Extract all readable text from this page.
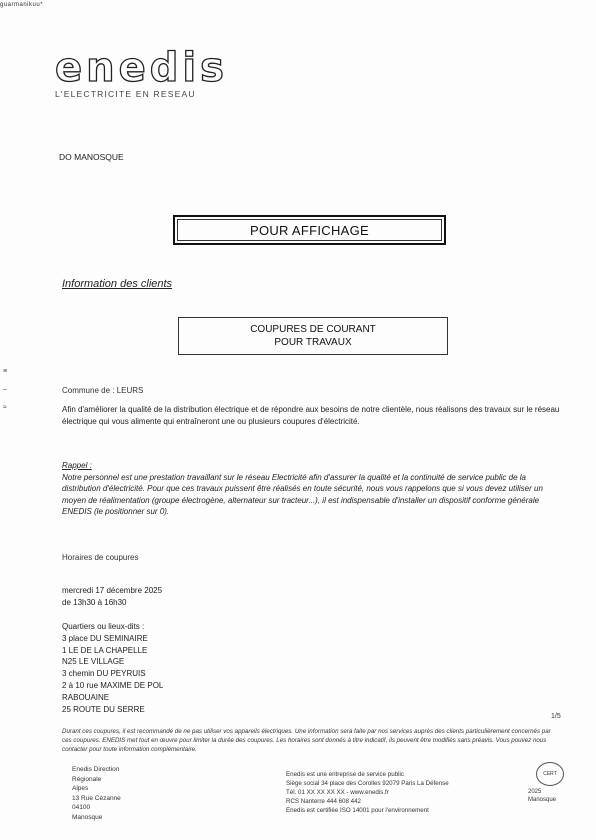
guarmanikuu*
enedis
L'ELECTRICITE EN RESEAU
DO MANOSQUE
POUR AFFICHAGE
Information des clients
COUPURES DE COURANT
POUR TRAVAUX
≡
–
≈
Commune de : LEURS
Afin d'améliorer la qualité de la distribution électrique et de répondre aux besoins de notre clientèle, nous réalisons des travaux sur le réseau électrique qui vous alimente qui entraîneront une ou plusieurs coupures d'électricité.
Rappel :
Notre personnel est une prestation travaillant sur le réseau Electricité afin d'assurer la qualité et la continuité de service public de la distribution d'électricité. Pour que ces travaux puissent être réalisés en toute sécurité, nous vous rappelons que si vous devez utiliser un moyen de réalimentation (groupe électrogène, alternateur sur tracteur...), il est indispensable d'installer un dispositif conforme générale ENEDIS (le positionner sur 0).
Horaires de coupures
mercredi 17 décembre 2025
de 13h30 à 16h30
Quartiers ou lieux-dits :
3 place DU SEMINAIRE
1 LE DE LA CHAPELLE
N25 LE VILLAGE
3 chemin DU PEYRUIS
2 à 10 rue MAXIME DE POL
RABOUAINE
25 ROUTE DU SERRE
1/5
Durant ces coupures, il est recommandé de ne pas utiliser vos appareils électriques. Une information sera faite par nos services auprès des clients particulièrement concernés par ces coupures. ENEDIS met tout en œuvre pour limiter la durée des coupures. Les horaires sont donnés à titre indicatif, ils peuvent être modifiés sans préavis. Vous pouvez nous contacter pour toute information complémentaire.
Enedis Direction
Régionale
Alpes
13 Rue Cézanne
04100
Manosque
Enedis est une entreprise de service public
Siège social 34 place des Corolles 92079 Paris La Défense
Tél. 01 XX XX XX XX - www.enedis.fr
RCS Nanterre 444 608 442
Enedis est certifiée ISO 14001 pour l'environnement
CERT
2025
Manosque
